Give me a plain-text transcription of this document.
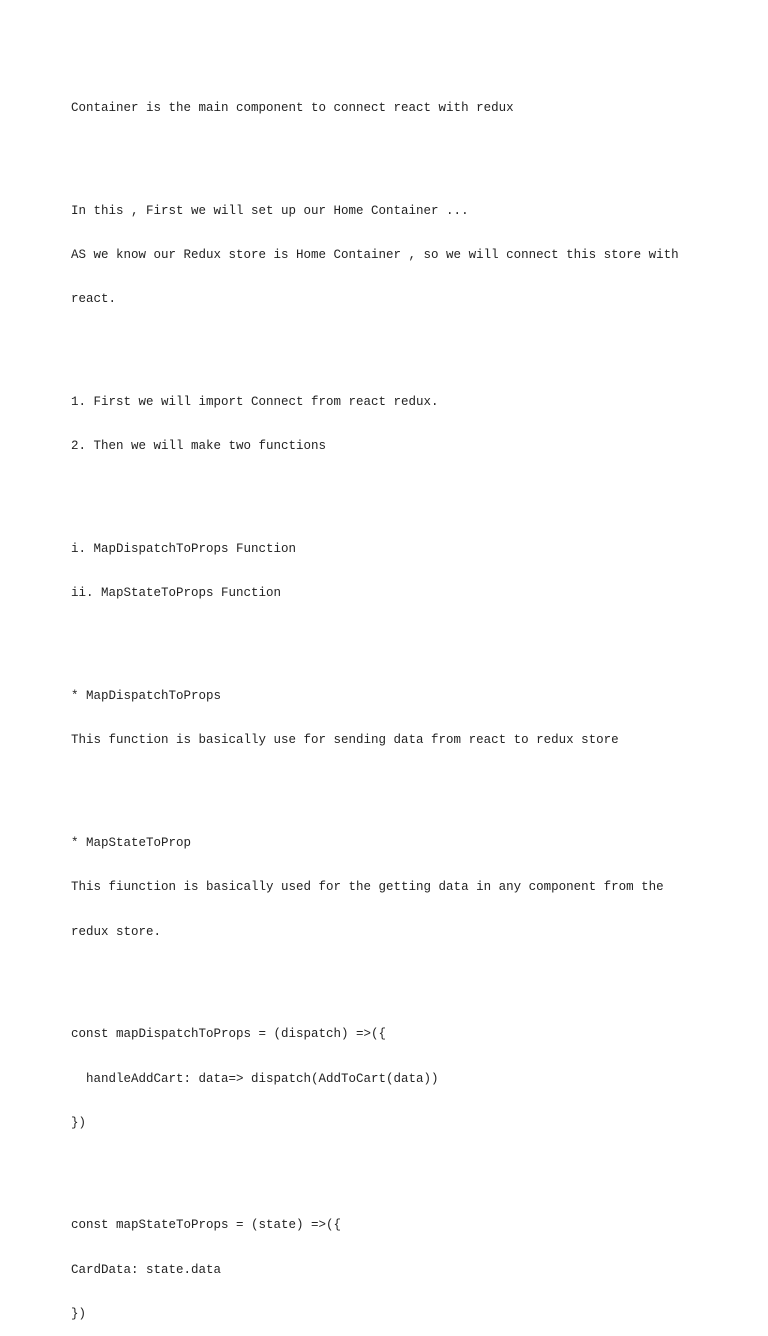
Container is the main component to connect react with redux

In this , First we will set up our Home Container ...

AS we know our Redux store is Home Container , so we will connect this store with

react.

1. First we will import Connect from react redux.

2. Then we will make two functions

i. MapDispatchToProps Function

ii. MapStateToProps Function

* MapDispatchToProps

This function is basically use for sending data from react to redux store

* MapStateToProp

This fiunction is basically used for the getting data in any component from the

redux store.

const mapDispatchToProps = (dispatch) =>({

handleAddCart: data=> dispatch(AddToCart(data))

})

const mapStateToProps = (state) =>({

CardData: state.data

})
